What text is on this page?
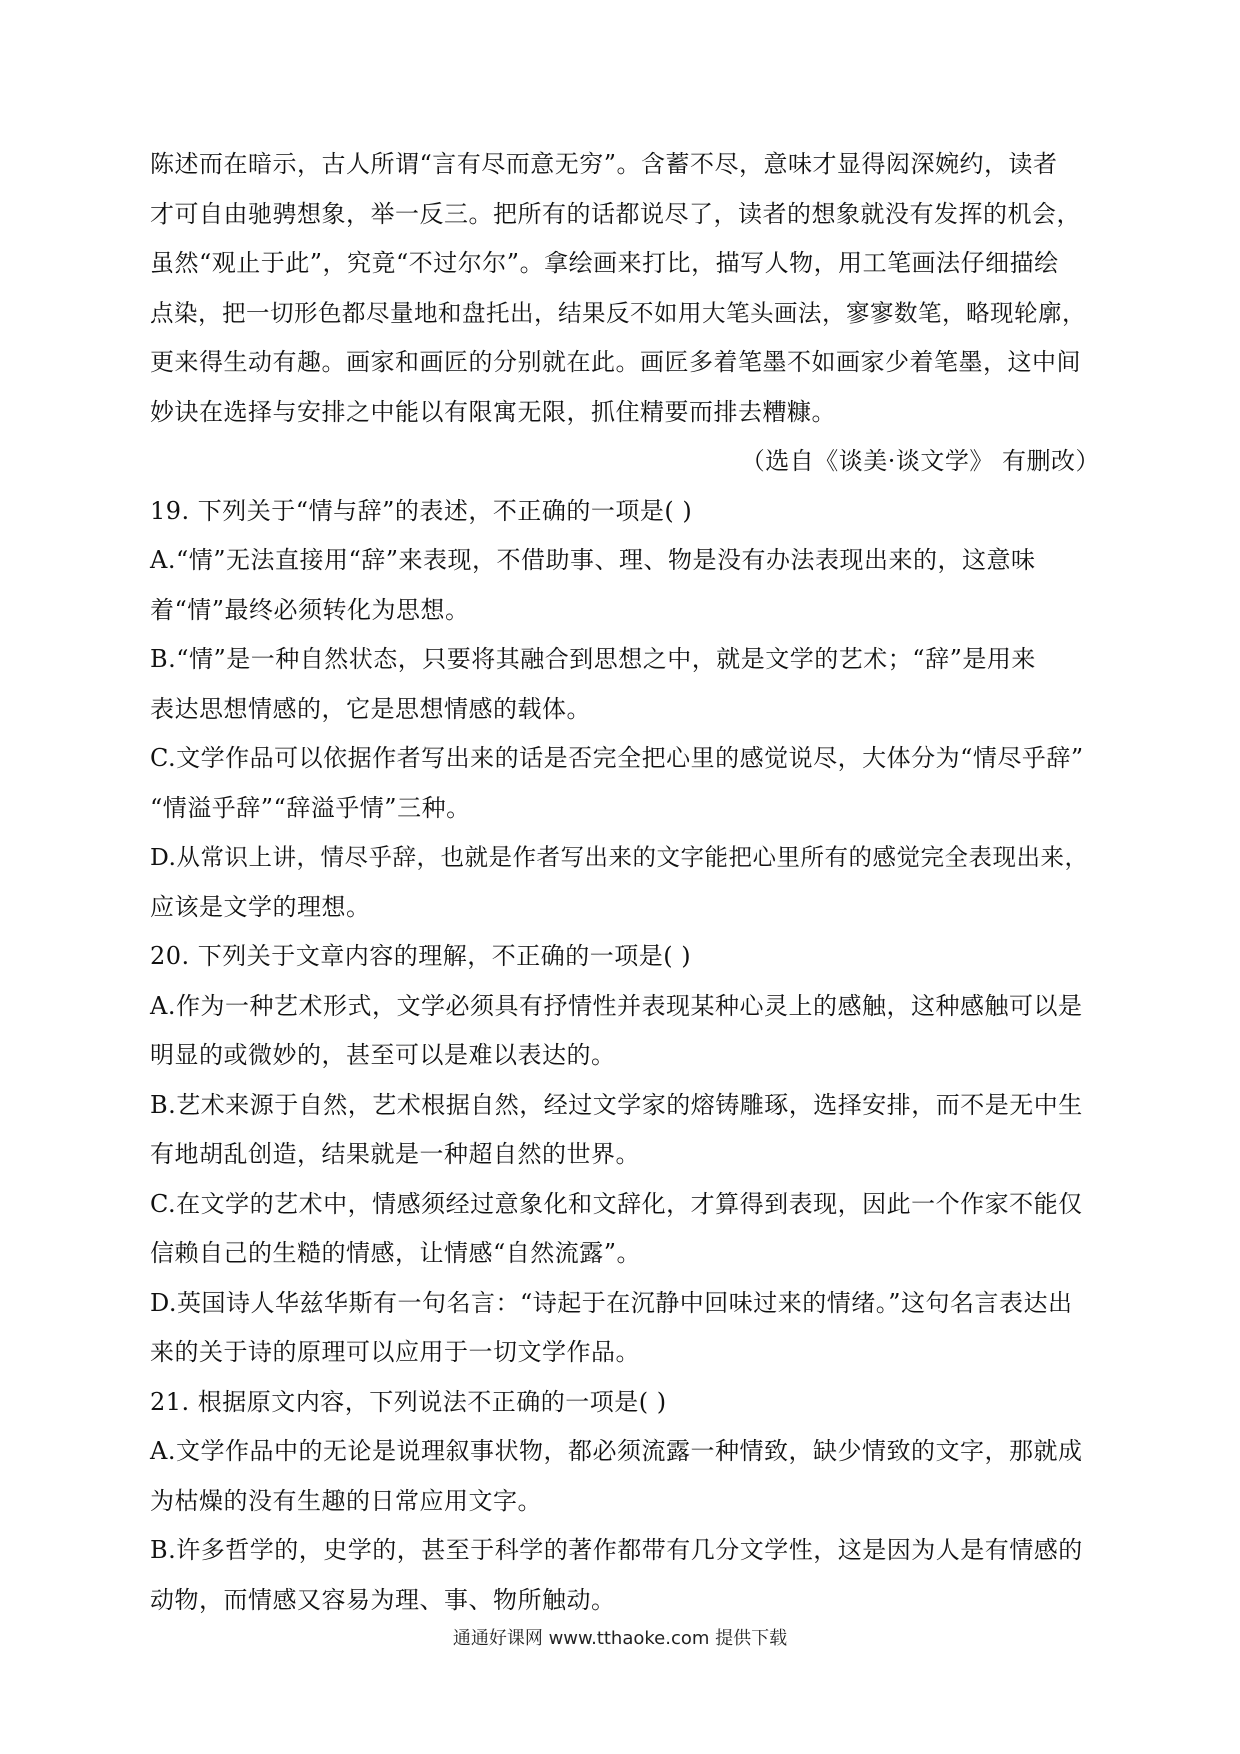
陈述而在暗示，古人所谓“言有尽而意无穷”。含蓄不尽，意味才显得闳深婉约，读者
才可自由驰骋想象，举一反三。把所有的话都说尽了，读者的想象就没有发挥的机会，
虽然“观止于此”，究竟“不过尔尔”。拿绘画来打比，描写人物，用工笔画法仔细描绘
点染，把一切形色都尽量地和盘托出，结果反不如用大笔头画法，寥寥数笔，略现轮廓，
更来得生动有趣。画家和画匠的分别就在此。画匠多着笔墨不如画家少着笔墨，这中间
妙诀在选择与安排之中能以有限寓无限，抓住精要而排去糟糠。
（选自《谈美·谈文学》 有删改）
19. 下列关于“情与辞”的表述，不正确的一项是( )
A.“情”无法直接用“辞”来表现，不借助事、理、物是没有办法表现出来的，这意味
着“情”最终必须转化为思想。
B.“情”是一种自然状态，只要将其融合到思想之中，就是文学的艺术；“辞”是用来
表达思想情感的，它是思想情感的载体。
C.文学作品可以依据作者写出来的话是否完全把心里的感觉说尽，大体分为“情尽乎辞”
“情溢乎辞”“辞溢乎情”三种。
D.从常识上讲，情尽乎辞，也就是作者写出来的文字能把心里所有的感觉完全表现出来，
应该是文学的理想。
20. 下列关于文章内容的理解，不正确的一项是( )
A.作为一种艺术形式，文学必须具有抒情性并表现某种心灵上的感触，这种感触可以是
明显的或微妙的，甚至可以是难以表达的。
B.艺术来源于自然，艺术根据自然，经过文学家的熔铸雕琢，选择安排，而不是无中生
有地胡乱创造，结果就是一种超自然的世界。
C.在文学的艺术中，情感须经过意象化和文辞化，才算得到表现，因此一个作家不能仅
信赖自己的生糙的情感，让情感“自然流露”。
D.英国诗人华兹华斯有一句名言：“诗起于在沉静中回味过来的情绪。”这句名言表达出
来的关于诗的原理可以应用于一切文学作品。
21. 根据原文内容，下列说法不正确的一项是( )
A.文学作品中的无论是说理叙事状物，都必须流露一种情致，缺少情致的文字，那就成
为枯燥的没有生趣的日常应用文字。
B.许多哲学的，史学的，甚至于科学的著作都带有几分文学性，这是因为人是有情感的
动物，而情感又容易为理、事、物所触动。
通通好课网 www.tthaoke.com 提供下载
